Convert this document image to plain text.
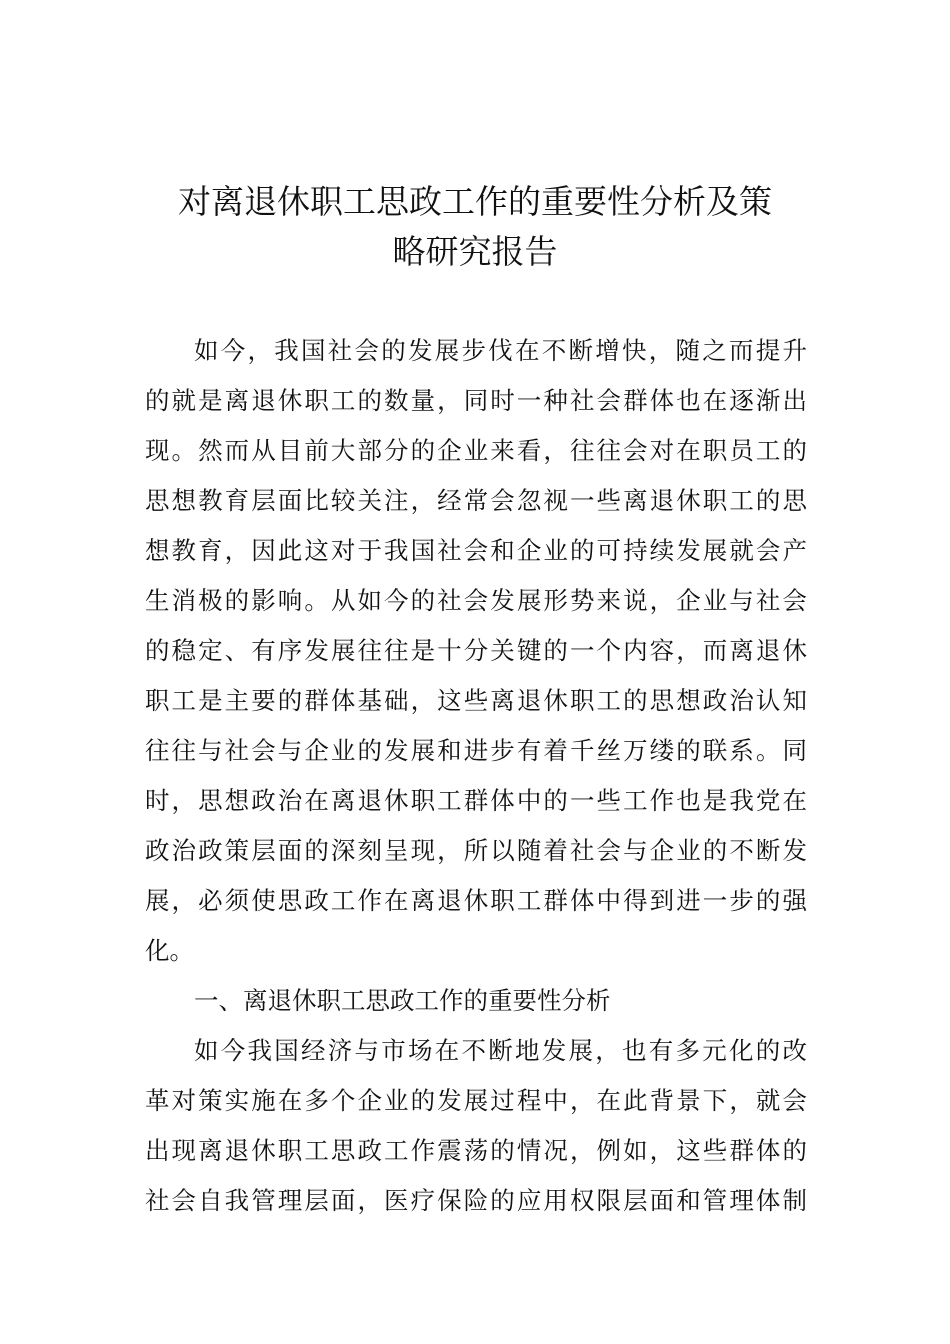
对离退休职工思政工作的重要性分析及策
略研究报告
如今，我国社会的发展步伐在不断增快，随之而提升
的就是离退休职工的数量，同时一种社会群体也在逐渐出
现。然而从目前大部分的企业来看，往往会对在职员工的
思想教育层面比较关注，经常会忽视一些离退休职工的思
想教育，因此这对于我国社会和企业的可持续发展就会产
生消极的影响。从如今的社会发展形势来说，企业与社会
的稳定、有序发展往往是十分关键的一个内容，而离退休
职工是主要的群体基础，这些离退休职工的思想政治认知
往往与社会与企业的发展和进步有着千丝万缕的联系。同
时，思想政治在离退休职工群体中的一些工作也是我党在
政治政策层面的深刻呈现，所以随着社会与企业的不断发
展，必须使思政工作在离退休职工群体中得到进一步的强
化。
一、离退休职工思政工作的重要性分析
如今我国经济与市场在不断地发展，也有多元化的改
革对策实施在多个企业的发展过程中，在此背景下，就会
出现离退休职工思政工作震荡的情况，例如，这些群体的
社会自我管理层面，医疗保险的应用权限层面和管理体制
